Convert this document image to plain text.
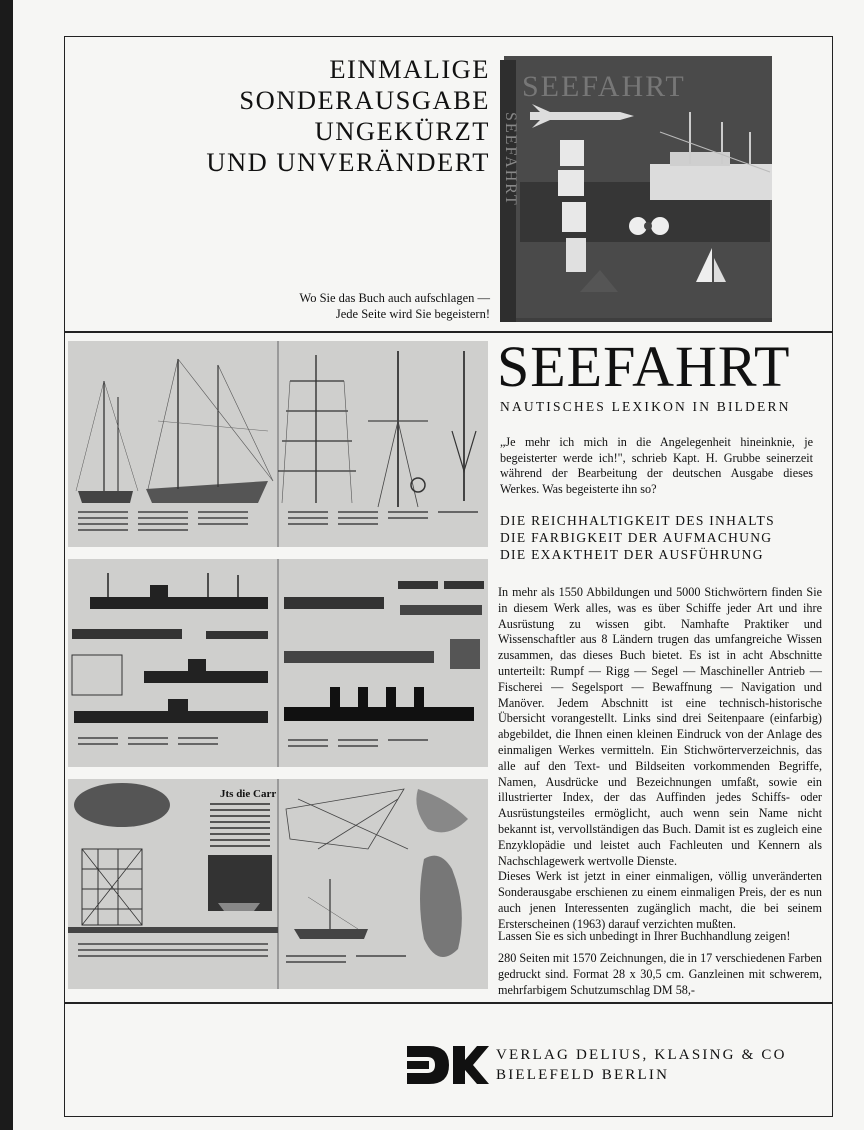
EINMALIGE
SONDERAUSGABE
UNGEKÜRZT
UND UNVERÄNDERT
Wo Sie das Buch auch aufschlagen —
Jede Seite wird Sie begeistern!
SEEFAHRT
SEEFAHRT
Jts die Carr
SEEFAHRT
NAUTISCHES LEXIKON IN BILDERN
„Je mehr ich mich in die Angelegenheit hineinknie, je begeisterter werde ich!", schrieb Kapt. H. Grubbe seinerzeit während der Bearbeitung der deutschen Ausgabe dieses Werkes. Was begeisterte ihn so?
DIE REICHHALTIGKEIT DES INHALTS
DIE FARBIGKEIT DER AUFMACHUNG
DIE EXAKTHEIT DER AUSFÜHRUNG

In mehr als 1550 Abbildungen und 5000 Stichwörtern finden Sie in diesem Werk alles, was es über Schiffe jeder Art und ihre Ausrüstung zu wissen gibt. Namhafte Praktiker und Wissenschaftler aus 8 Ländern trugen das umfangreiche Wissen zusammen, das dieses Buch bietet. Es ist in acht Abschnitte unterteilt: Rumpf — Rigg — Segel — Maschineller Antrieb — Fischerei — Segelsport — Bewaffnung — Navigation und Manöver. Jedem Abschnitt ist eine technisch-historische Übersicht vorangestellt. Links sind drei Seitenpaare (einfarbig) abgebildet, die Ihnen einen kleinen Eindruck von der Anlage des einmaligen Werkes vermitteln. Ein Stichwörterverzeichnis, das alle auf den Text- und Bildseiten vorkommenden Begriffe, Namen, Ausdrücke und Bezeichnungen umfaßt, sowie ein illustrierter Index, der das Auffinden jedes Schiffs- oder Ausrüstungsteiles ermöglicht, auch wenn sein Name nicht bekannt ist, vervollständigen das Buch. Damit ist es zugleich eine Enzyklopädie und leistet auch Fachleuten und Kennern als Nachschlagewerk wertvolle Dienste.

Dieses Werk ist jetzt in einer einmaligen, völlig unveränderten Sonderausgabe erschienen zu einem einmaligen Preis, der es nun auch jenen Interessenten zugänglich macht, die bei seinem Ersterscheinen (1963) darauf verzichten mußten.

Lassen Sie es sich unbedingt in Ihrer Buchhandlung zeigen!
280 Seiten mit 1570 Zeichnungen, die in 17 verschiedenen Farben gedruckt sind. Format 28 x 30,5 cm. Ganzleinen mit schwerem, mehrfarbigem Schutzumschlag DM 58,-
VERLAG DELIUS, KLASING & CO
BIELEFELD BERLIN
